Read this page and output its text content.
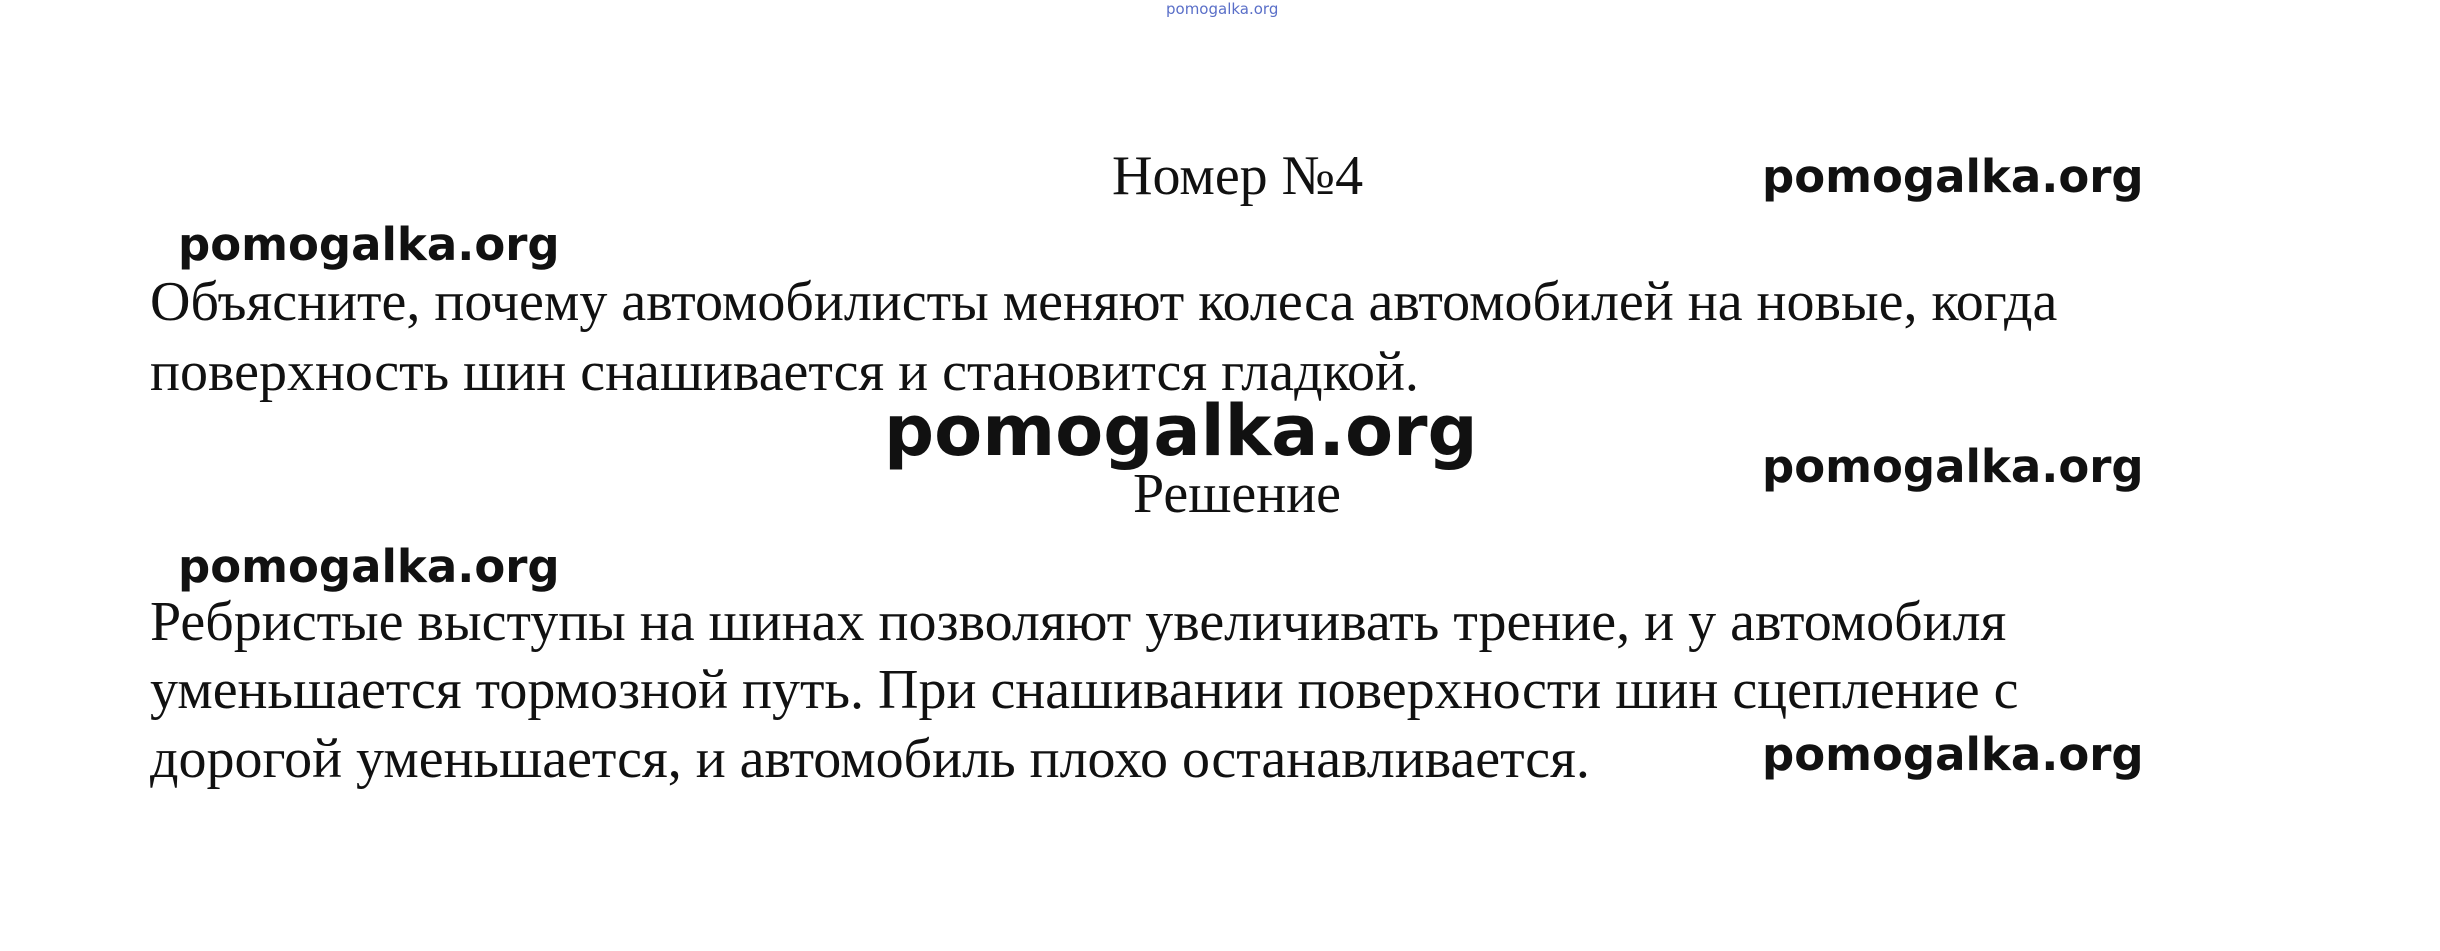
pomogalka.org
Номер №4	pomogalka.org
pomogalka.org
Объясните, почему автомобилисты меняют колеса автомобилей на новые, когда
поверхность шин снашивается и становится гладкой.
pomogalka.org	pomogalka.org
Решение
pomogalka.org
Ребристые выступы на шинах позволяют увеличивать трение, и у автомобиля
уменьшается тормозной путь. При снашивании поверхности шин сцепление с
дорогой уменьшается, и автомобиль плохо останавливается.	pomogalka.org
